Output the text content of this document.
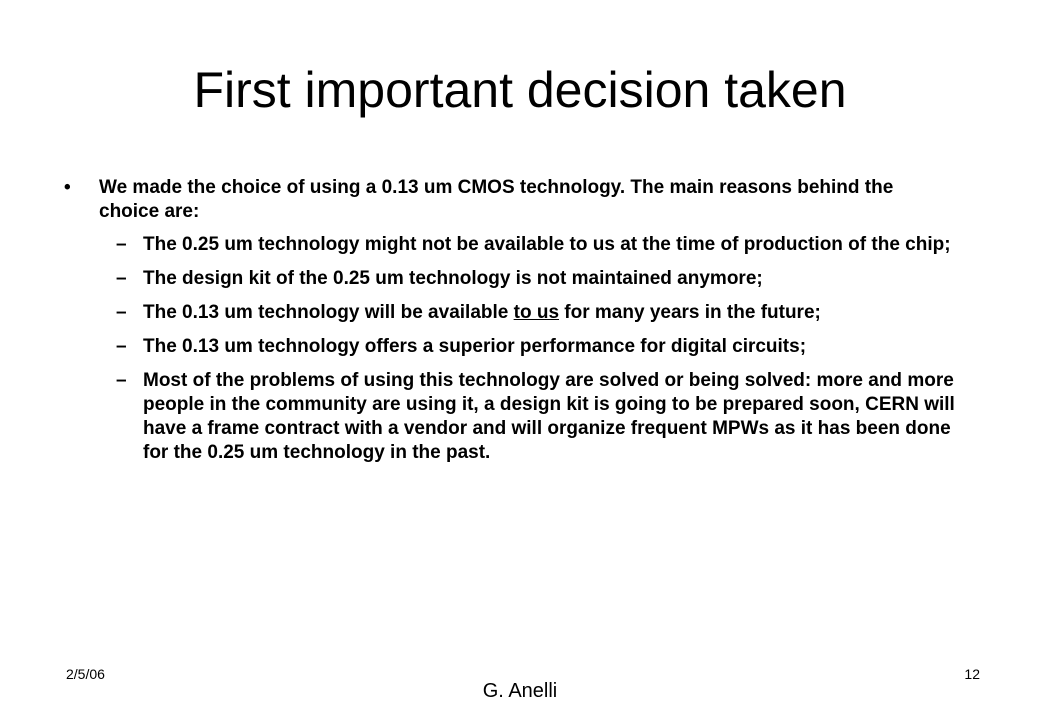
First important decision taken
• We made the choice of using a 0.13 um CMOS technology. The main reasons behind the choice are:
– The 0.25 um technology might not be available to us at the time of production of the chip;
– The design kit of the 0.25 um technology is not maintained anymore;
– The 0.13 um technology will be available to us for many years in the future;
– The 0.13 um technology offers a superior performance for digital circuits;
– Most of the problems of using this technology are solved or being solved: more and more people in the community are using it, a design kit is going to be prepared soon, CERN will have a frame contract with a vendor and will organize frequent MPWs as it has been done for the 0.25 um technology in the past.
2/5/06	12
G. Anelli
